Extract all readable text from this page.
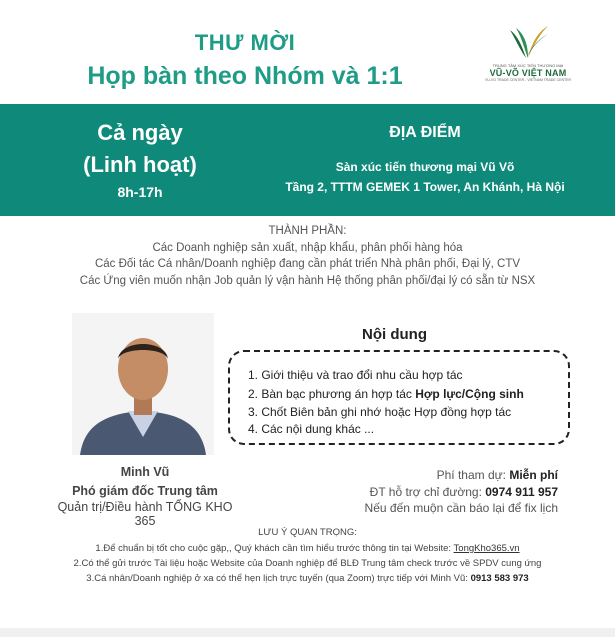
THƯ MỜI
Họp bàn theo Nhóm và 1:1	TRUNG TÂM XÚC TIẾN THƯƠNG MẠI
VŨ-VÕ VIỆT NAM
VU-VO TRADE CENTER - VIETNAM TRADE CENTER
Cả ngày
(Linh hoạt)
8h-17h
ĐỊA ĐIỂM
Sàn xúc tiến thương mại Vũ Võ
Tầng 2, TTTM GEMEK 1 Tower, An Khánh, Hà Nội
THÀNH PHẦN:
Các Doanh nghiệp sản xuất, nhập khẩu, phân phối hàng hóa
Các Đối tác Cá nhân/Doanh nghiệp đang cần phát triển Nhà phân phối, Đại lý, CTV
Các Ứng viên muốn nhận Job quản lý vận hành Hệ thống phân phối/đại lý có sẵn từ NSX
Minh Vũ
Phó giám đốc Trung tâm
Quản trị/Điều hành TỔNG KHO 365
Nội dung
1. Giới thiệu và trao đổi nhu cầu hợp tác
2. Bàn bạc phương án hợp tác Hợp lực/Cộng sinh
3. Chốt Biên bản ghi nhớ hoặc Hợp đồng hợp tác
4. Các nội dung khác ...
Phí tham dự: Miễn phí
ĐT hỗ trợ chỉ đường: 0974 911 957
Nếu đến muộn cần báo lại để fix lịch
LƯU Ý QUAN TRỌNG:
1.Để chuẩn bị tốt cho cuộc gặp,, Quý khách cần tìm hiểu trước thông tin tại Website: TongKho365.vn
2.Có thể gửi trước Tài liệu hoặc Website của Doanh nghiệp để BLĐ Trung tâm check trước về SPDV cung ứng
3.Cá nhân/Doanh nghiệp ở xa có thể hẹn lịch trực tuyến (qua Zoom) trực tiếp với Minh Vũ: 0913 583 973
